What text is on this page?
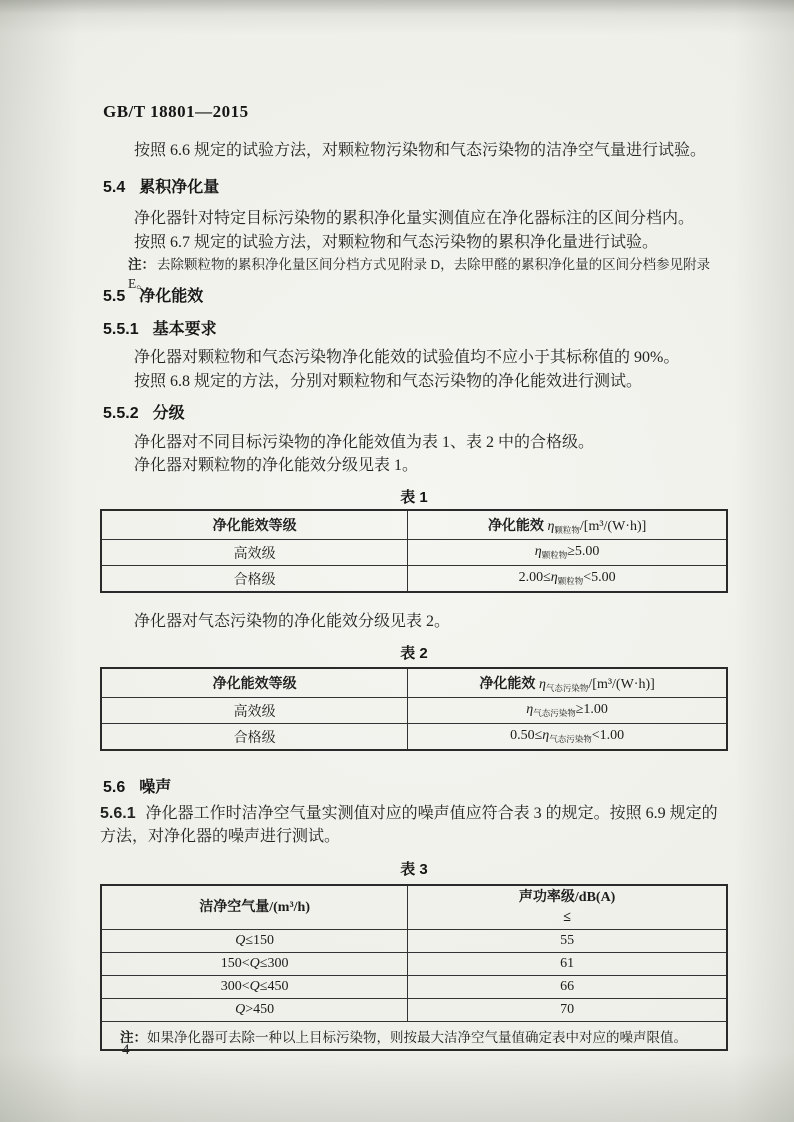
GB/T 18801—2015

按照 6.6 规定的试验方法，对颗粒物污染物和气态污染物的洁净空气量进行试验。

5.4 累积净化量

净化器针对特定目标污染物的累积净化量实测值应在净化器标注的区间分档内。

按照 6.7 规定的试验方法，对颗粒物和气态污染物的累积净化量进行试验。

注： 去除颗粒物的累积净化量区间分档方式见附录 D，去除甲醛的累积净化量的区间分档参见附录 E。

5.5 净化能效
5.5.1 基本要求

净化器对颗粒物和气态污染物净化能效的试验值均不应小于其标称值的 90%。

按照 6.8 规定的方法，分别对颗粒物和气态污染物的净化能效进行测试。

5.5.2 分级

净化器对不同目标污染物的净化能效值为表 1、表 2 中的合格级。

净化器对颗粒物的净化能效分级见表 1。

表 1
净化能效等级	净化能效 $\eta_{颗粒物}/[m^3/(W\cdot h)]$
高效级	$\eta_{颗粒物}\ge 5.00$
合格级	$2.00\le\eta_{颗粒物}<5.00$

净化器对气态污染物的净化能效分级见表 2。

表 2
净化能效等级	净化能效 $\eta_{气态污染物}/[m^3/(W\cdot h)]$
高效级	$\eta_{气态污染物}\ge 1.00$
合格级	$0.50\le\eta_{气态污染物}<1.00$
5.6 噪声

5.6.1 净化器工作时洁净空气量实测值对应的噪声值应符合表 3 的规定。按照 6.9 规定的方法，对净化器的噪声进行测试。

表 3
洁净空气量/(m³/h)	声功率级/dB(A)
≤

Q≤150	55
150<Q≤300	61
300<Q≤450	66
Q>450	70
注：如果净化器可去除一种以上目标污染物，则按最大洁净空气量值确定表中对应的噪声限值。	
4
